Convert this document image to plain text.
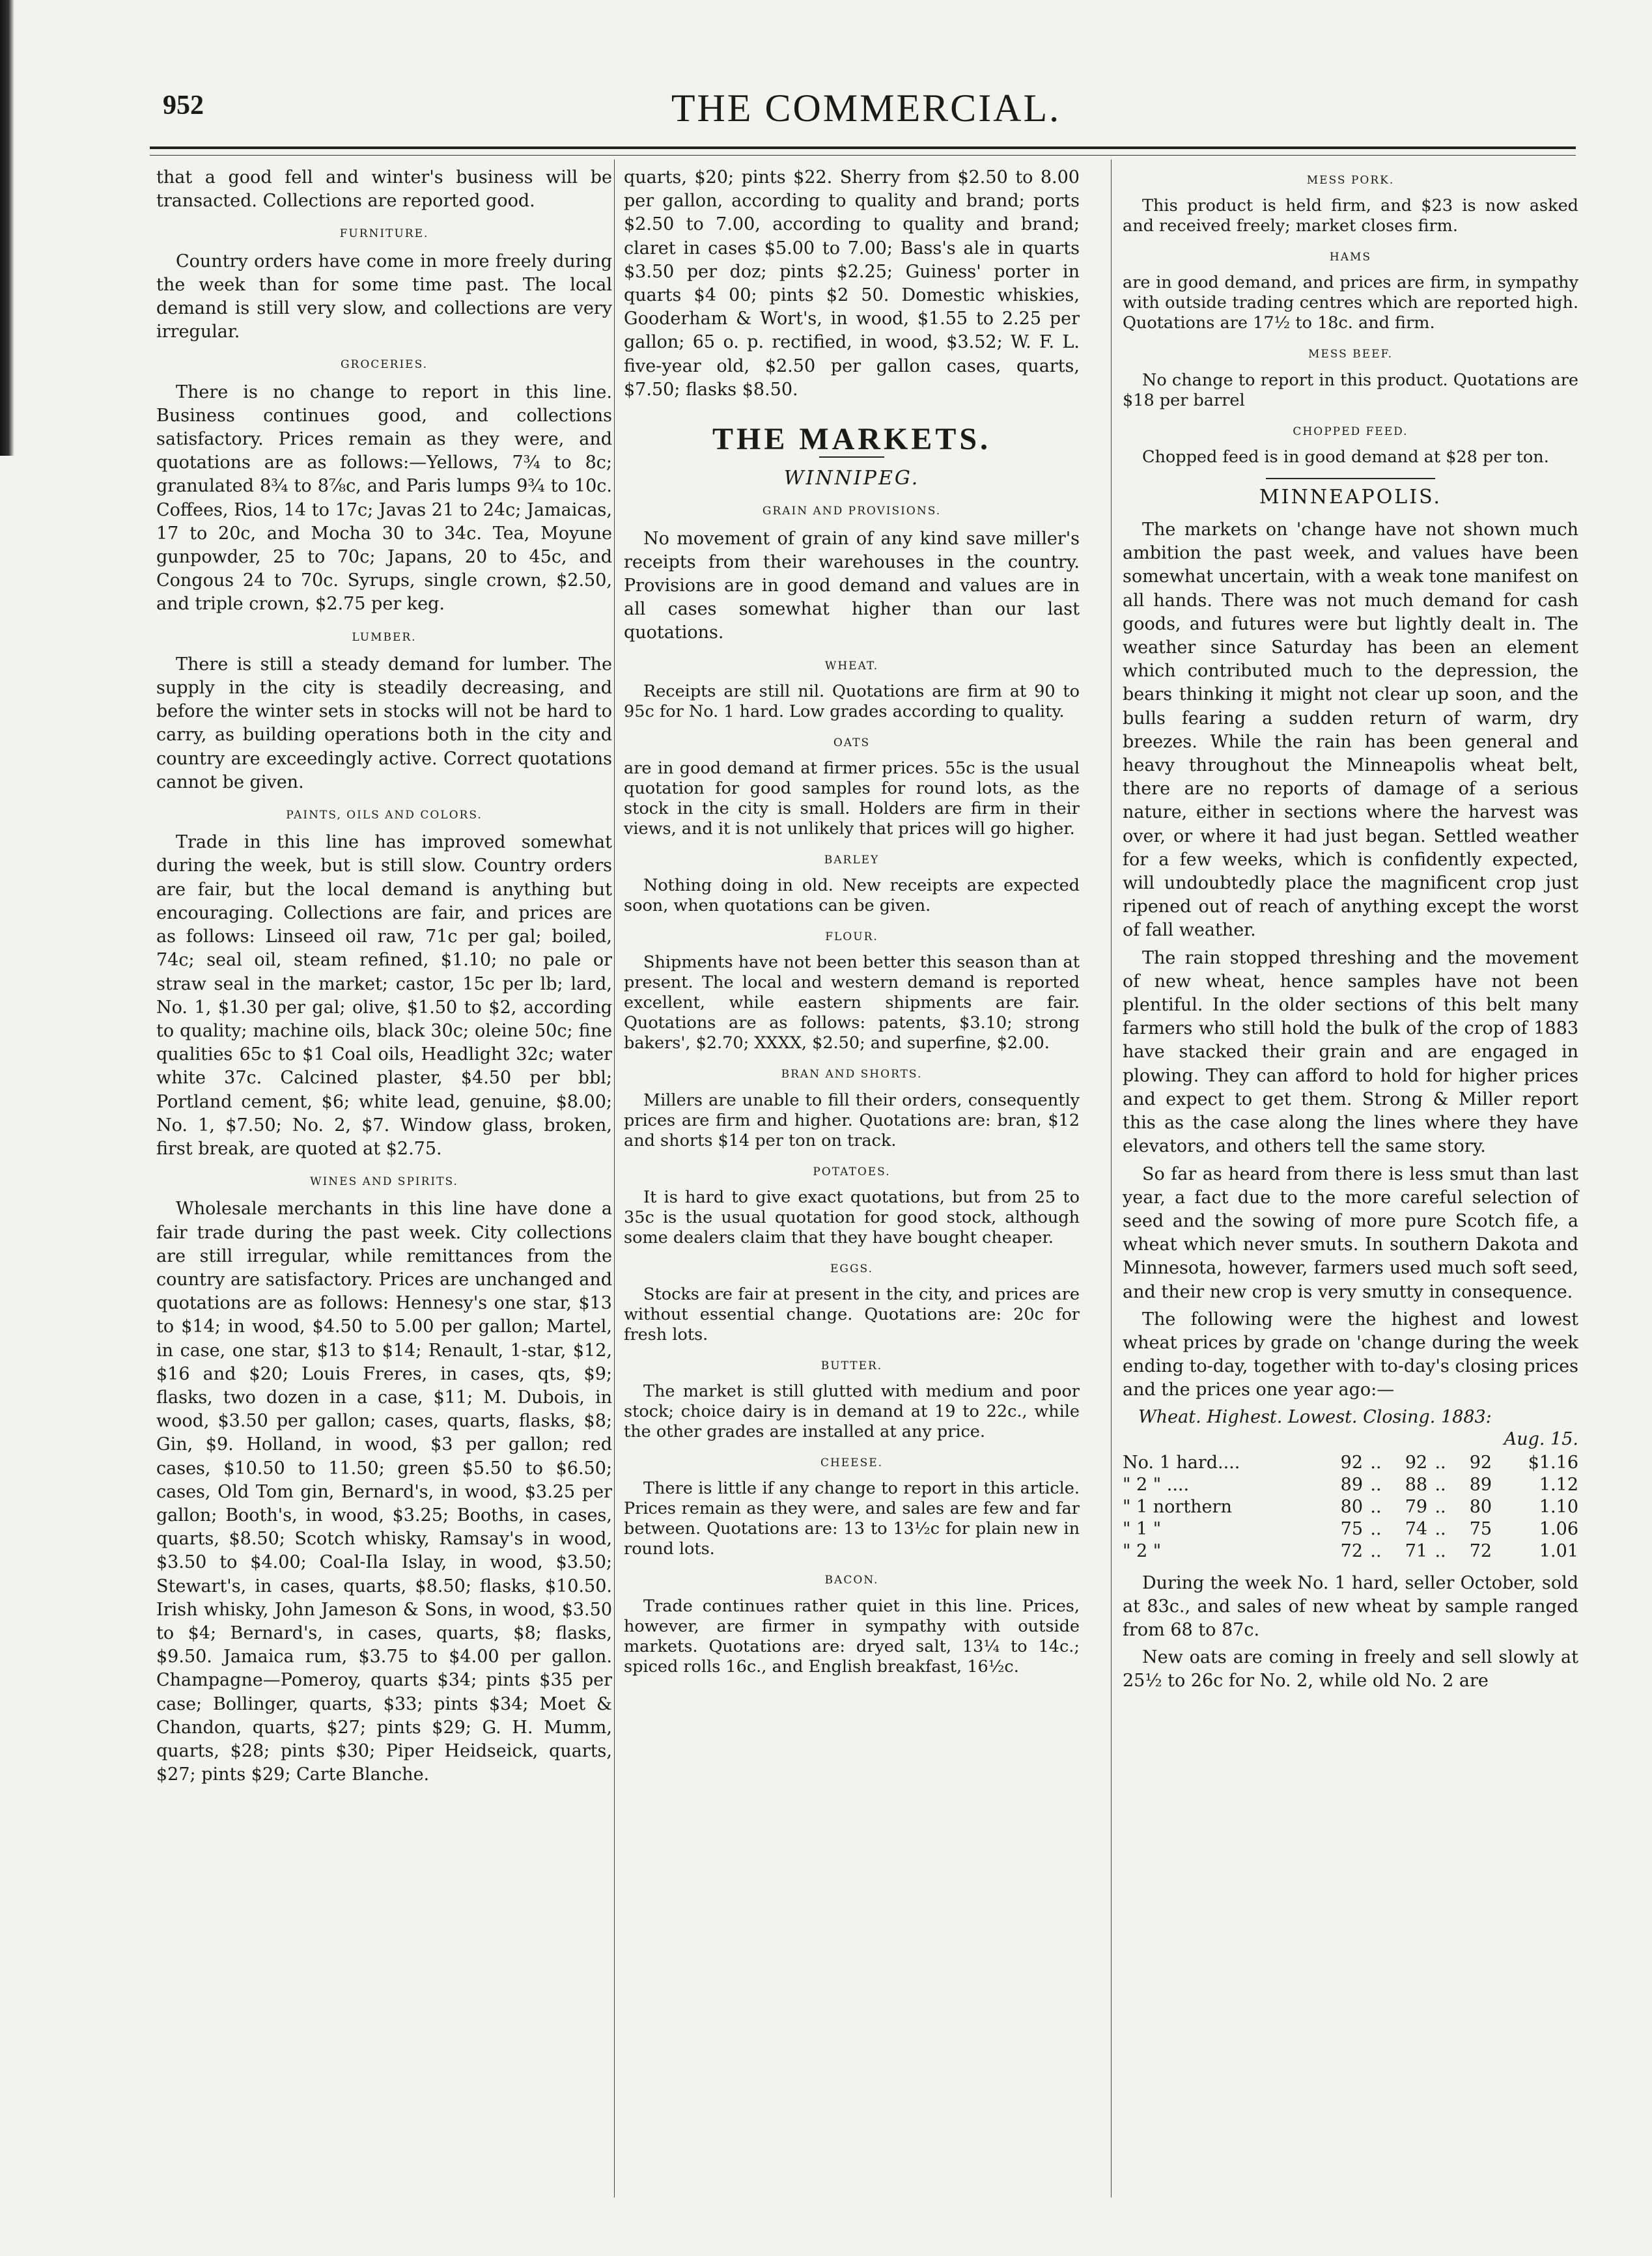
952	THE COMMERCIAL.

that a good fell and winter's business will be transacted. Collections are reported good.

FURNITURE.

Country orders have come in more freely during the week than for some time past. The local demand is still very slow, and collections are very irregular.

GROCERIES.

There is no change to report in this line. Business continues good, and collections satisfactory. Prices remain as they were, and quotations are as follows:—Yellows, 7¾ to 8c; granulated 8¾ to 8⅞c, and Paris lumps 9¾ to 10c. Coffees, Rios, 14 to 17c; Javas 21 to 24c; Jamaicas, 17 to 20c, and Mocha 30 to 34c. Tea, Moyune gunpowder, 25 to 70c; Japans, 20 to 45c, and Congous 24 to 70c. Syrups, single crown, $2.50, and triple crown, $2.75 per keg.

LUMBER.

There is still a steady demand for lumber. The supply in the city is steadily decreasing, and before the winter sets in stocks will not be hard to carry, as building operations both in the city and country are exceedingly active. Correct quotations cannot be given.

PAINTS, OILS AND COLORS.

Trade in this line has improved somewhat during the week, but is still slow. Country orders are fair, but the local demand is anything but encouraging. Collections are fair, and prices are as follows: Linseed oil raw, 71c per gal; boiled, 74c; seal oil, steam refined, $1.10; no pale or straw seal in the market; castor, 15c per lb; lard, No. 1, $1.30 per gal; olive, $1.50 to $2, according to quality; machine oils, black 30c; oleine 50c; fine qualities 65c to $1 Coal oils, Headlight 32c; water white 37c. Calcined plaster, $4.50 per bbl; Portland cement, $6; white lead, genuine, $8.00; No. 1, $7.50; No. 2, $7. Window glass, broken, first break, are quoted at $2.75.

WINES AND SPIRITS.

Wholesale merchants in this line have done a fair trade during the past week. City collections are still irregular, while remittances from the country are satisfactory. Prices are unchanged and quotations are as follows: Hennesy's one star, $13 to $14; in wood, $4.50 to 5.00 per gallon; Martel, in case, one star, $13 to $14; Renault, 1-star, $12, $16 and $20; Louis Freres, in cases, qts, $9; flasks, two dozen in a case, $11; M. Dubois, in wood, $3.50 per gallon; cases, quarts, flasks, $8; Gin, $9. Holland, in wood, $3 per gallon; red cases, $10.50 to 11.50; green $5.50 to $6.50; cases, Old Tom gin, Bernard's, in wood, $3.25 per gallon; Booth's, in wood, $3.25; Booths, in cases, quarts, $8.50; Scotch whisky, Ramsay's in wood, $3.50 to $4.00; Coal-Ila Islay, in wood, $3.50; Stewart's, in cases, quarts, $8.50; flasks, $10.50. Irish whisky, John Jameson & Sons, in wood, $3.50 to $4; Bernard's, in cases, quarts, $8; flasks, $9.50. Jamaica rum, $3.75 to $4.00 per gallon. Champagne—Pomeroy, quarts $34; pints $35 per case; Bollinger, quarts, $33; pints $34; Moet & Chandon, quarts, $27; pints $29; G. H. Mumm, quarts, $28; pints $30; Piper Heidseick, quarts, $27; pints $29; Carte Blanche.

quarts, $20; pints $22. Sherry from $2.50 to 8.00 per gallon, according to quality and brand; ports $2.50 to 7.00, according to quality and brand; claret in cases $5.00 to 7.00; Bass's ale in quarts $3.50 per doz; pints $2.25; Guiness' porter in quarts $4 00; pints $2 50. Domestic whiskies, Gooderham & Wort's, in wood, $1.55 to 2.25 per gallon; 65 o. p. rectified, in wood, $3.52; W. F. L. five-year old, $2.50 per gallon cases, quarts, $7.50; flasks $8.50.

THE MARKETS.
WINNIPEG.
GRAIN AND PROVISIONS.

No movement of grain of any kind save miller's receipts from their warehouses in the country. Provisions are in good demand and values are in all cases somewhat higher than our last quotations.

WHEAT.

Receipts are still nil. Quotations are firm at 90 to 95c for No. 1 hard. Low grades according to quality.

OATS

are in good demand at firmer prices. 55c is the usual quotation for good samples for round lots, as the stock in the city is small. Holders are firm in their views, and it is not unlikely that prices will go higher.

BARLEY

Nothing doing in old. New receipts are expected soon, when quotations can be given.

FLOUR.

Shipments have not been better this season than at present. The local and western demand is reported excellent, while eastern shipments are fair. Quotations are as follows: patents, $3.10; strong bakers', $2.70; XXXX, $2.50; and superfine, $2.00.

BRAN AND SHORTS.

Millers are unable to fill their orders, consequently prices are firm and higher. Quotations are: bran, $12 and shorts $14 per ton on track.

POTATOES.

It is hard to give exact quotations, but from 25 to 35c is the usual quotation for good stock, although some dealers claim that they have bought cheaper.

EGGS.

Stocks are fair at present in the city, and prices are without essential change. Quotations are: 20c for fresh lots.

BUTTER.

The market is still glutted with medium and poor stock; choice dairy is in demand at 19 to 22c., while the other grades are installed at any price.

CHEESE.

There is little if any change to report in this article. Prices remain as they were, and sales are few and far between. Quotations are: 13 to 13½c for plain new in round lots.

BACON.

Trade continues rather quiet in this line. Prices, however, are firmer in sympathy with outside markets. Quotations are: dryed salt, 13¼ to 14c.; spiced rolls 16c., and English breakfast, 16½c.

MESS PORK.

This product is held firm, and $23 is now asked and received freely; market closes firm.

HAMS

are in good demand, and prices are firm, in sympathy with outside trading centres which are reported high. Quotations are 17½ to 18c. and firm.

MESS BEEF.

No change to report in this product. Quotations are $18 per barrel

CHOPPED FEED.

Chopped feed is in good demand at $28 per ton.

MINNEAPOLIS.

The markets on 'change have not shown much ambition the past week, and values have been somewhat uncertain, with a weak tone manifest on all hands. There was not much demand for cash goods, and futures were but lightly dealt in. The weather since Saturday has been an element which contributed much to the depression, the bears thinking it might not clear up soon, and the bulls fearing a sudden return of warm, dry breezes. While the rain has been general and heavy throughout the Minneapolis wheat belt, there are no reports of damage of a serious nature, either in sections where the harvest was over, or where it had just began. Settled weather for a few weeks, which is confidently expected, will undoubtedly place the magnificent crop just ripened out of reach of anything except the worst of fall weather.

The rain stopped threshing and the movement of new wheat, hence samples have not been plentiful. In the older sections of this belt many farmers who still hold the bulk of the crop of 1883 have stacked their grain and are engaged in plowing. They can afford to hold for higher prices and expect to get them. Strong & Miller report this as the case along the lines where they have elevators, and others tell the same story.

So far as heard from there is less smut than last year, a fact due to the more careful selection of seed and the sowing of more pure Scotch fife, a wheat which never smuts. In southern Dakota and Minnesota, however, farmers used much soft seed, and their new crop is very smutty in consequence.

The following were the highest and lowest wheat prices by grade on 'change during the week ending to-day, together with to-day's closing prices and the prices one year ago:—

Wheat. Highest. Lowest. Closing. 1883:
Aug. 15.
No. 1 hard....	92	..	92	..	92	$1.16
" 2 " ....	89	..	88	..	89	1.12
" 1 northern	80	..	79	..	80	1.10
" 1 "	75	..	74	..	75	1.06
" 2 "	72	..	71	..	72	1.01

During the week No. 1 hard, seller October, sold at 83c., and sales of new wheat by sample ranged from 68 to 87c.

New oats are coming in freely and sell slowly at 25½ to 26c for No. 2, while old No. 2 are
